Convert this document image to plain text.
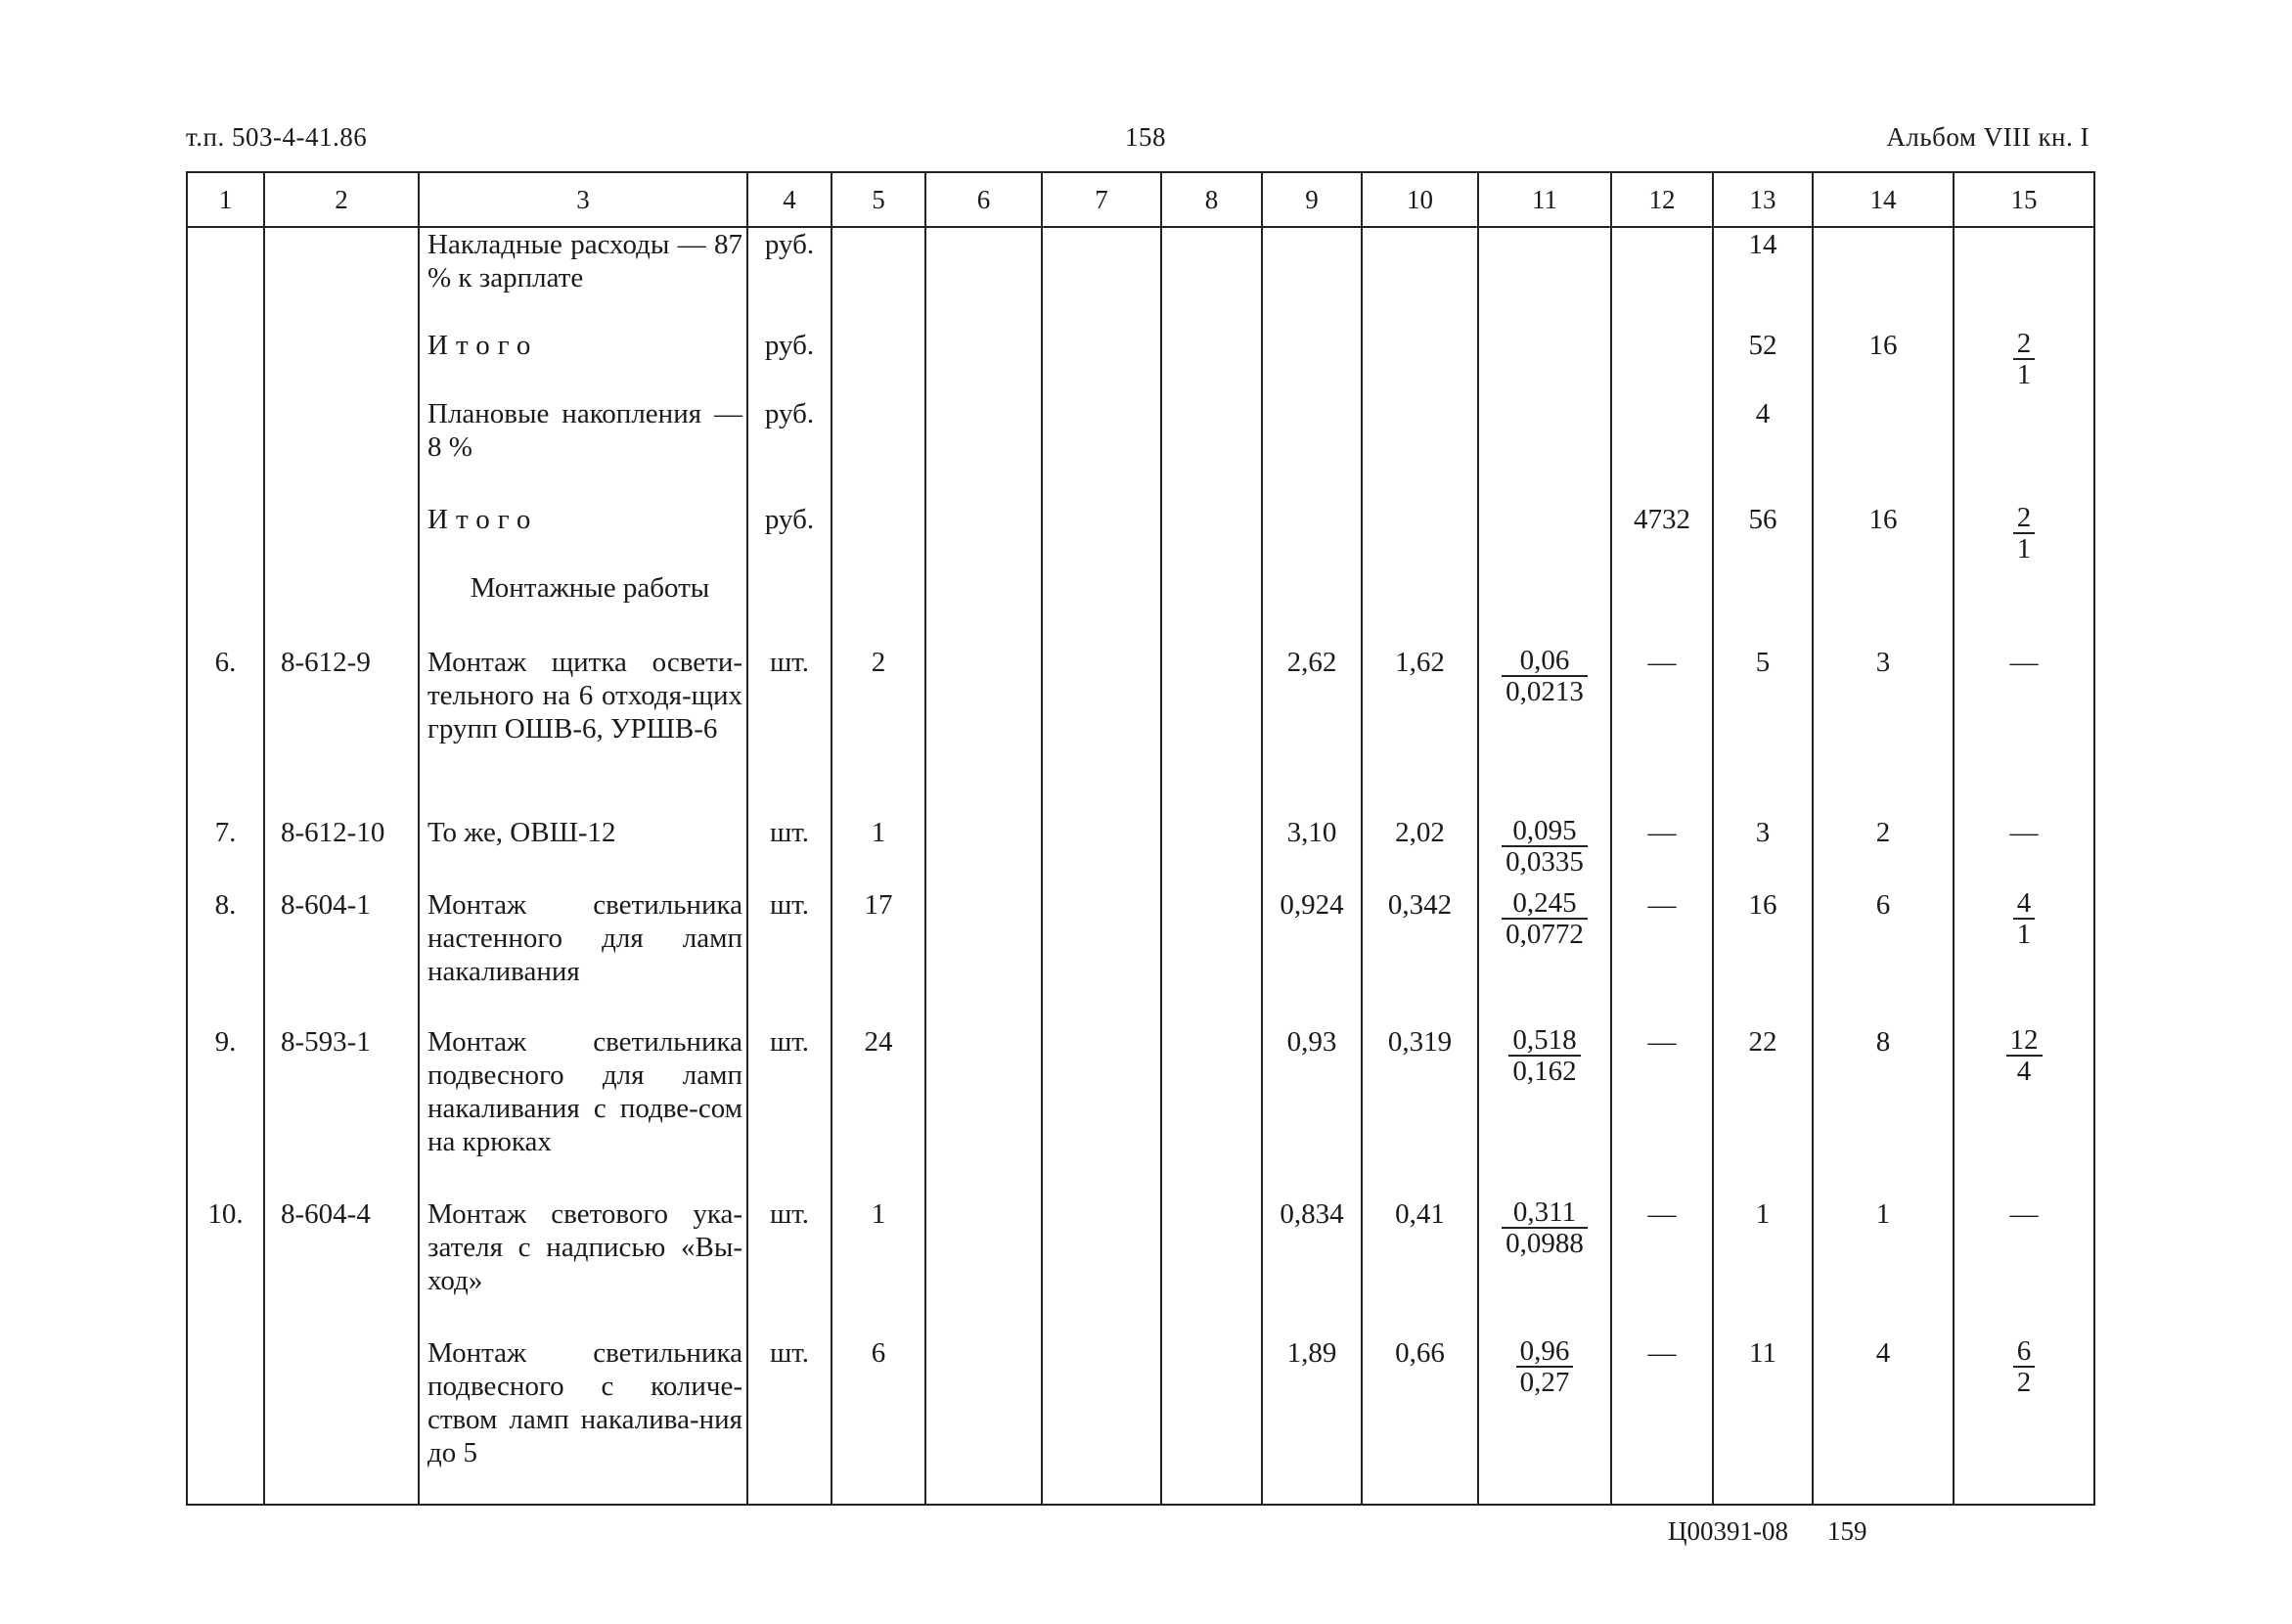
т.п. 503-4-41.86	158	Альбом VIII кн. I
1	2	3	4	5	6	7	8	9	10	11	12	13	14	15
		Накладные расходы — 87 % к зарплате	руб.									14		
		Итого	руб.									52	16	$\frac{2}{1}$

		Плановые накопления — 8 %	руб.									4		
		Итого	руб.								4732	56	16	$\frac{2}{1}$

		Монтажные работы												

6.	8-612-9	Монтаж щитка освети-тельного на 6 отходя-щих групп ОШВ-6, УРШВ-6	шт.	2				2,62	1,62	$\frac{0,06}{0,0213}$	—	5	3	—
7.	8-612-10	То же, ОВШ-12	шт.	1				3,10	2,02	$\frac{0,095}{0,0335}$	—	3	2	—
8.	8-604-1	Монтаж светильника настенного для ламп накаливания	шт.	17				0,924	0,342	$\frac{0,245}{0,0772}$	—	16	6	$\frac{4}{1}$

9.	8-593-1	Монтаж светильника подвесного для ламп накаливания с подве-сом на крюках	шт.	24				0,93	0,319	$\frac{0,518}{0,162}$	—	22	8	$\frac{12}{4}$

10.	8-604-4	Монтаж светового ука-зателя с надписью «Вы-ход»	шт.	1				0,834	0,41	$\frac{0,311}{0,0988}$	—	1	1	—
		Монтаж светильника подвесного с количе-ством ламп накалива-ния до 5	шт.	6				1,89	0,66	$\frac{0,96}{0,27}$	—	11	4	$\frac{6}{2}$
Ц00391-08 159
